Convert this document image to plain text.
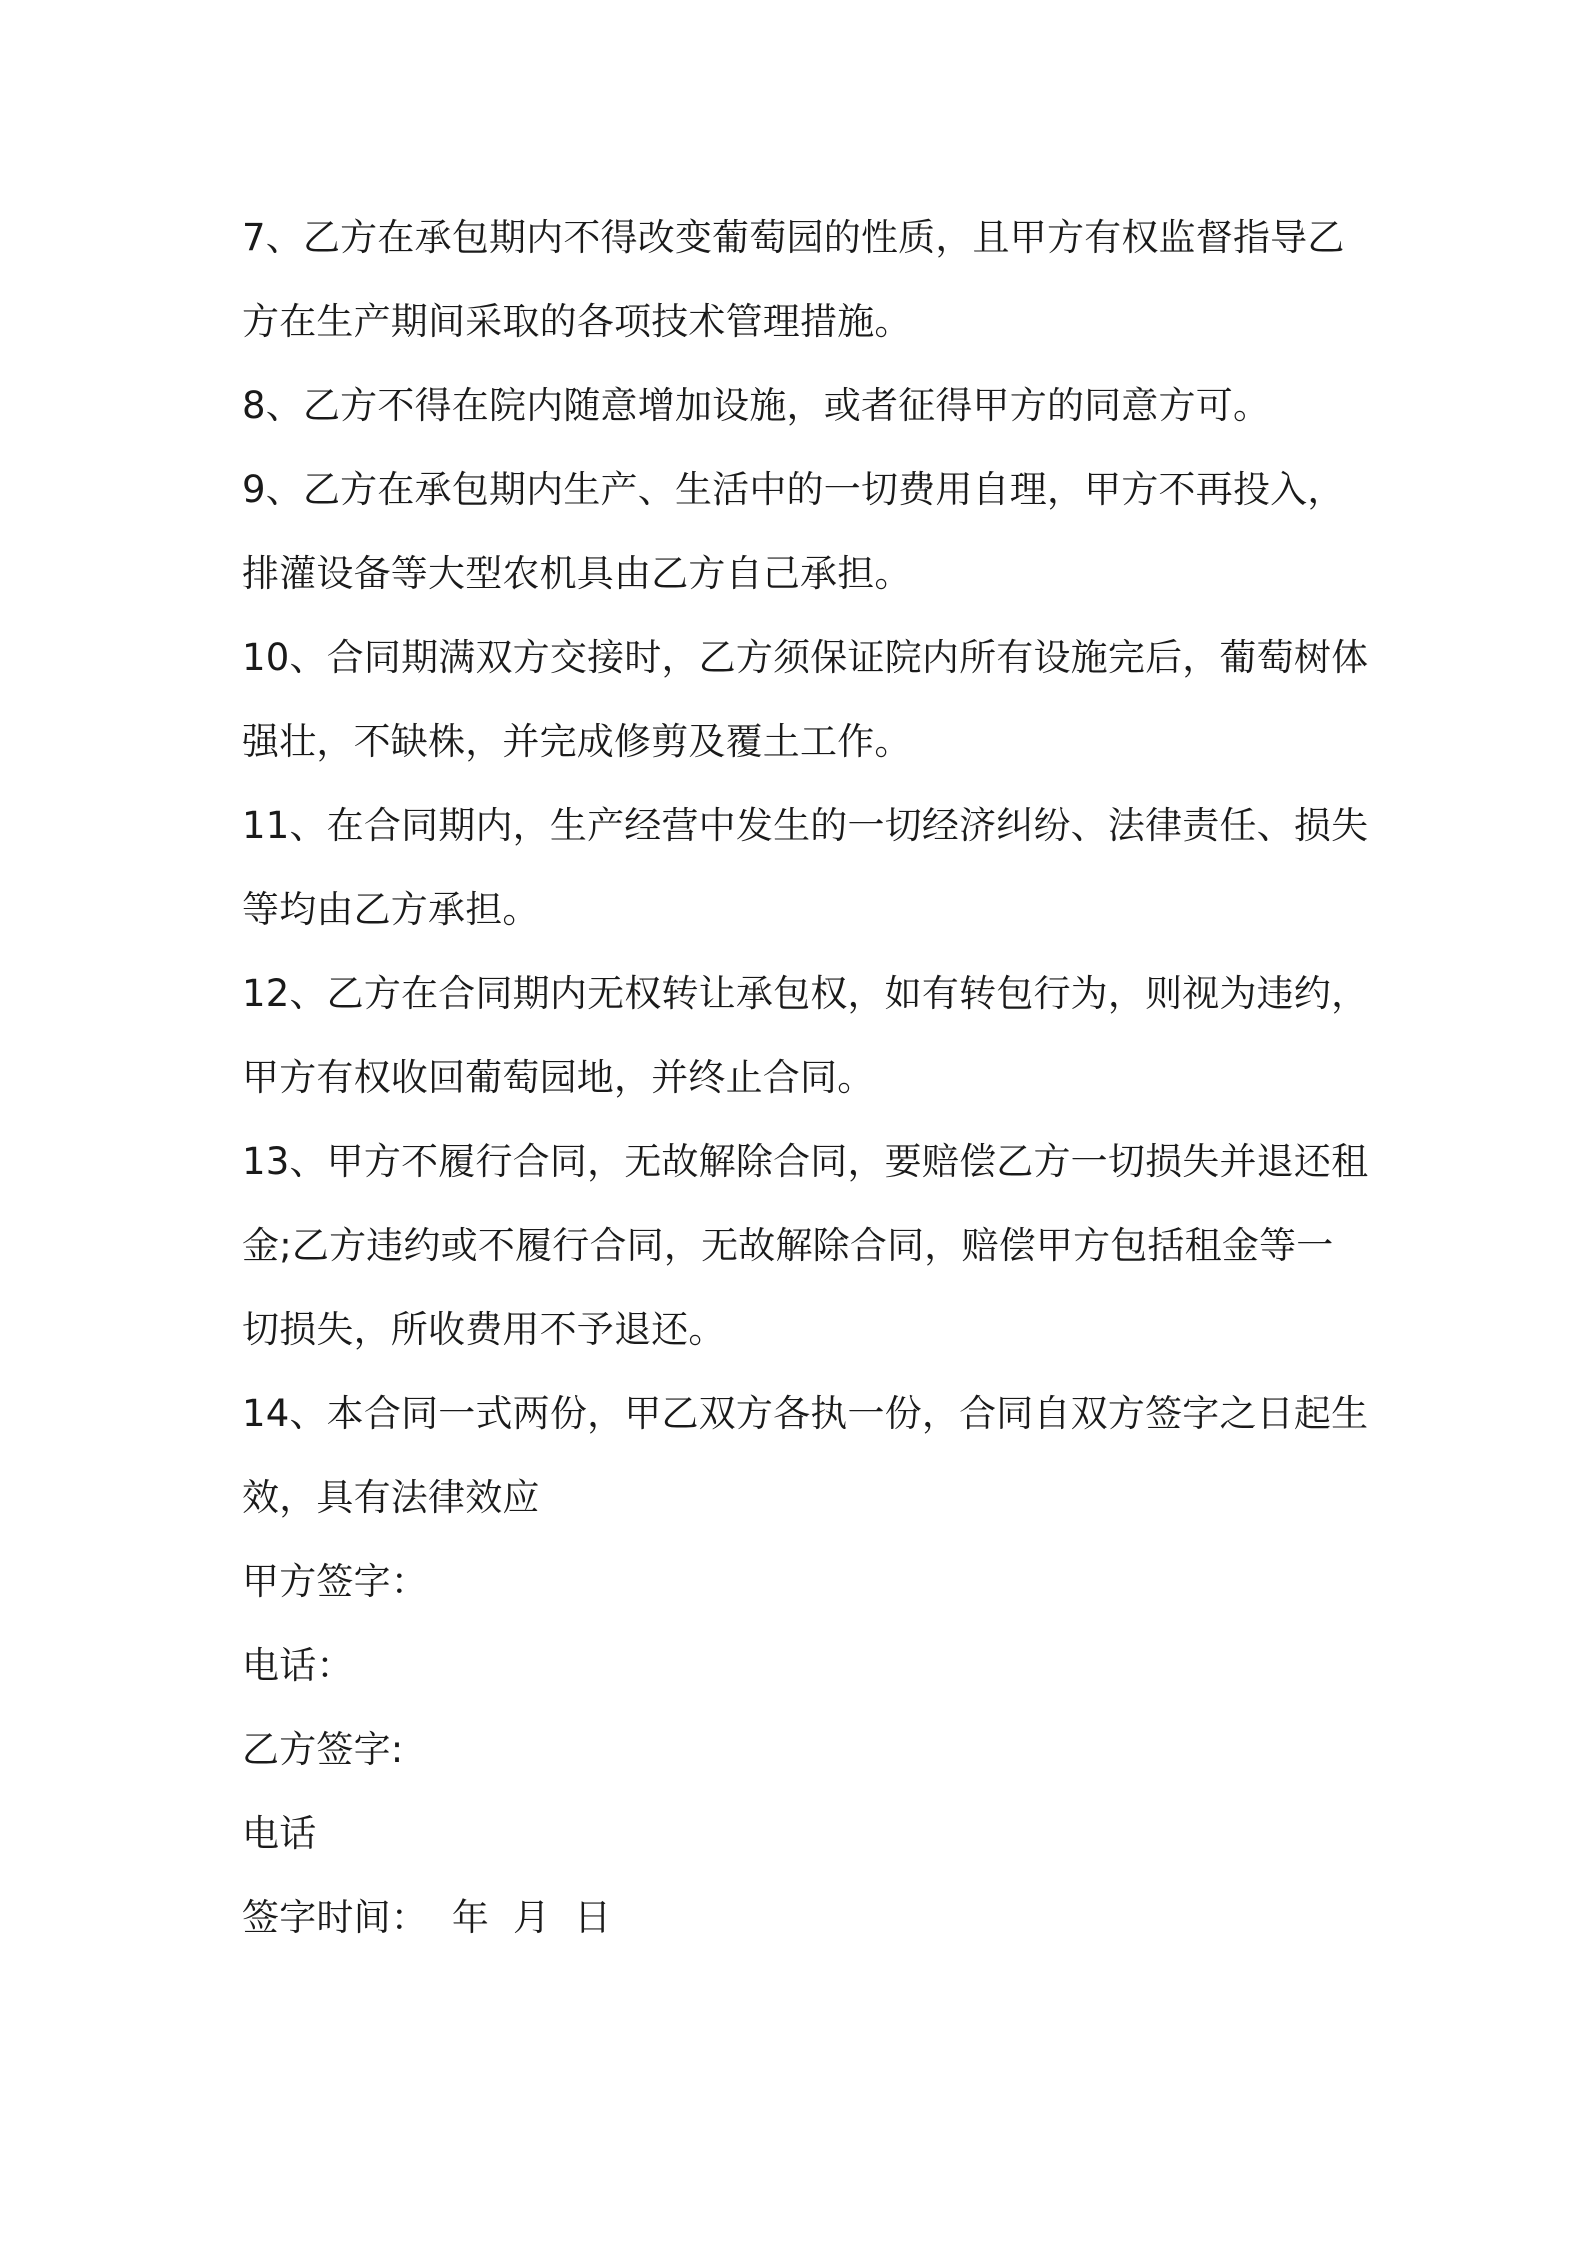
7、乙方在承包期内不得改变葡萄园的性质，且甲方有权监督指导乙
方在生产期间采取的各项技术管理措施。
8、乙方不得在院内随意增加设施，或者征得甲方的同意方可。
9、乙方在承包期内生产、生活中的一切费用自理，甲方不再投入，
排灌设备等大型农机具由乙方自己承担。
10、合同期满双方交接时，乙方须保证院内所有设施完后，葡萄树体
强壮，不缺株，并完成修剪及覆土工作。
11、在合同期内，生产经营中发生的一切经济纠纷、法律责任、损失
等均由乙方承担。
12、乙方在合同期内无权转让承包权，如有转包行为，则视为违约，
甲方有权收回葡萄园地，并终止合同。
13、甲方不履行合同，无故解除合同，要赔偿乙方一切损失并退还租
金;乙方违约或不履行合同，无故解除合同，赔偿甲方包括租金等一
切损失，所收费用不予退还。
14、本合同一式两份，甲乙双方各执一份，合同自双方签字之日起生
效，具有法律效应
甲方签字：
电话：
乙方签字:
电话
签字时间：  年  月  日
